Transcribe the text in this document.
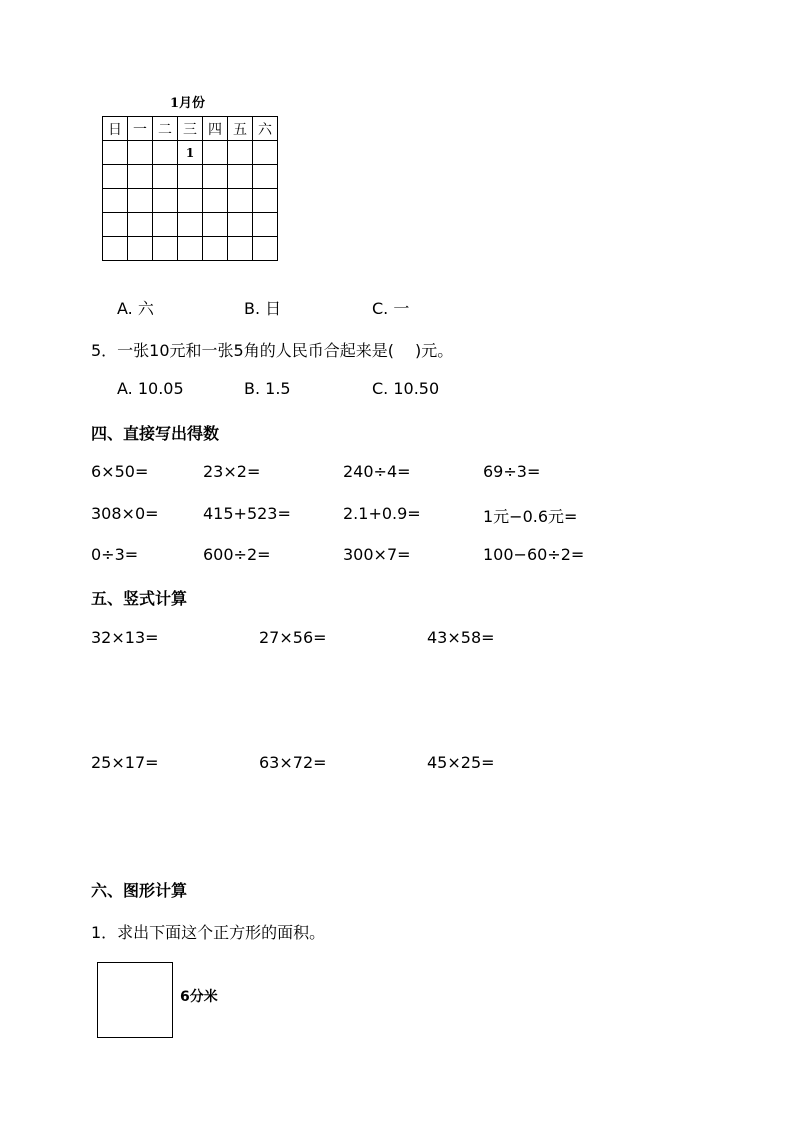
1月份
日	一	二	三	四	五	六
			1			

A. 六	B. 日	C. 一
5．一张10元和一张5角的人民币合起来是(　 )元。
A. 10.05	B. 1.5	C. 10.50
四、直接写出得数
6×50=	23×2=	240÷4=	69÷3=
308×0=	415+523=	2.1+0.9=	1元−0.6元=
0÷3=	600÷2=	300×7=	100−60÷2=
五、竖式计算
32×13=	27×56=	43×58=
25×17=	63×72=	45×25=
六、图形计算
1．求出下面这个正方形的面积。
6分米
